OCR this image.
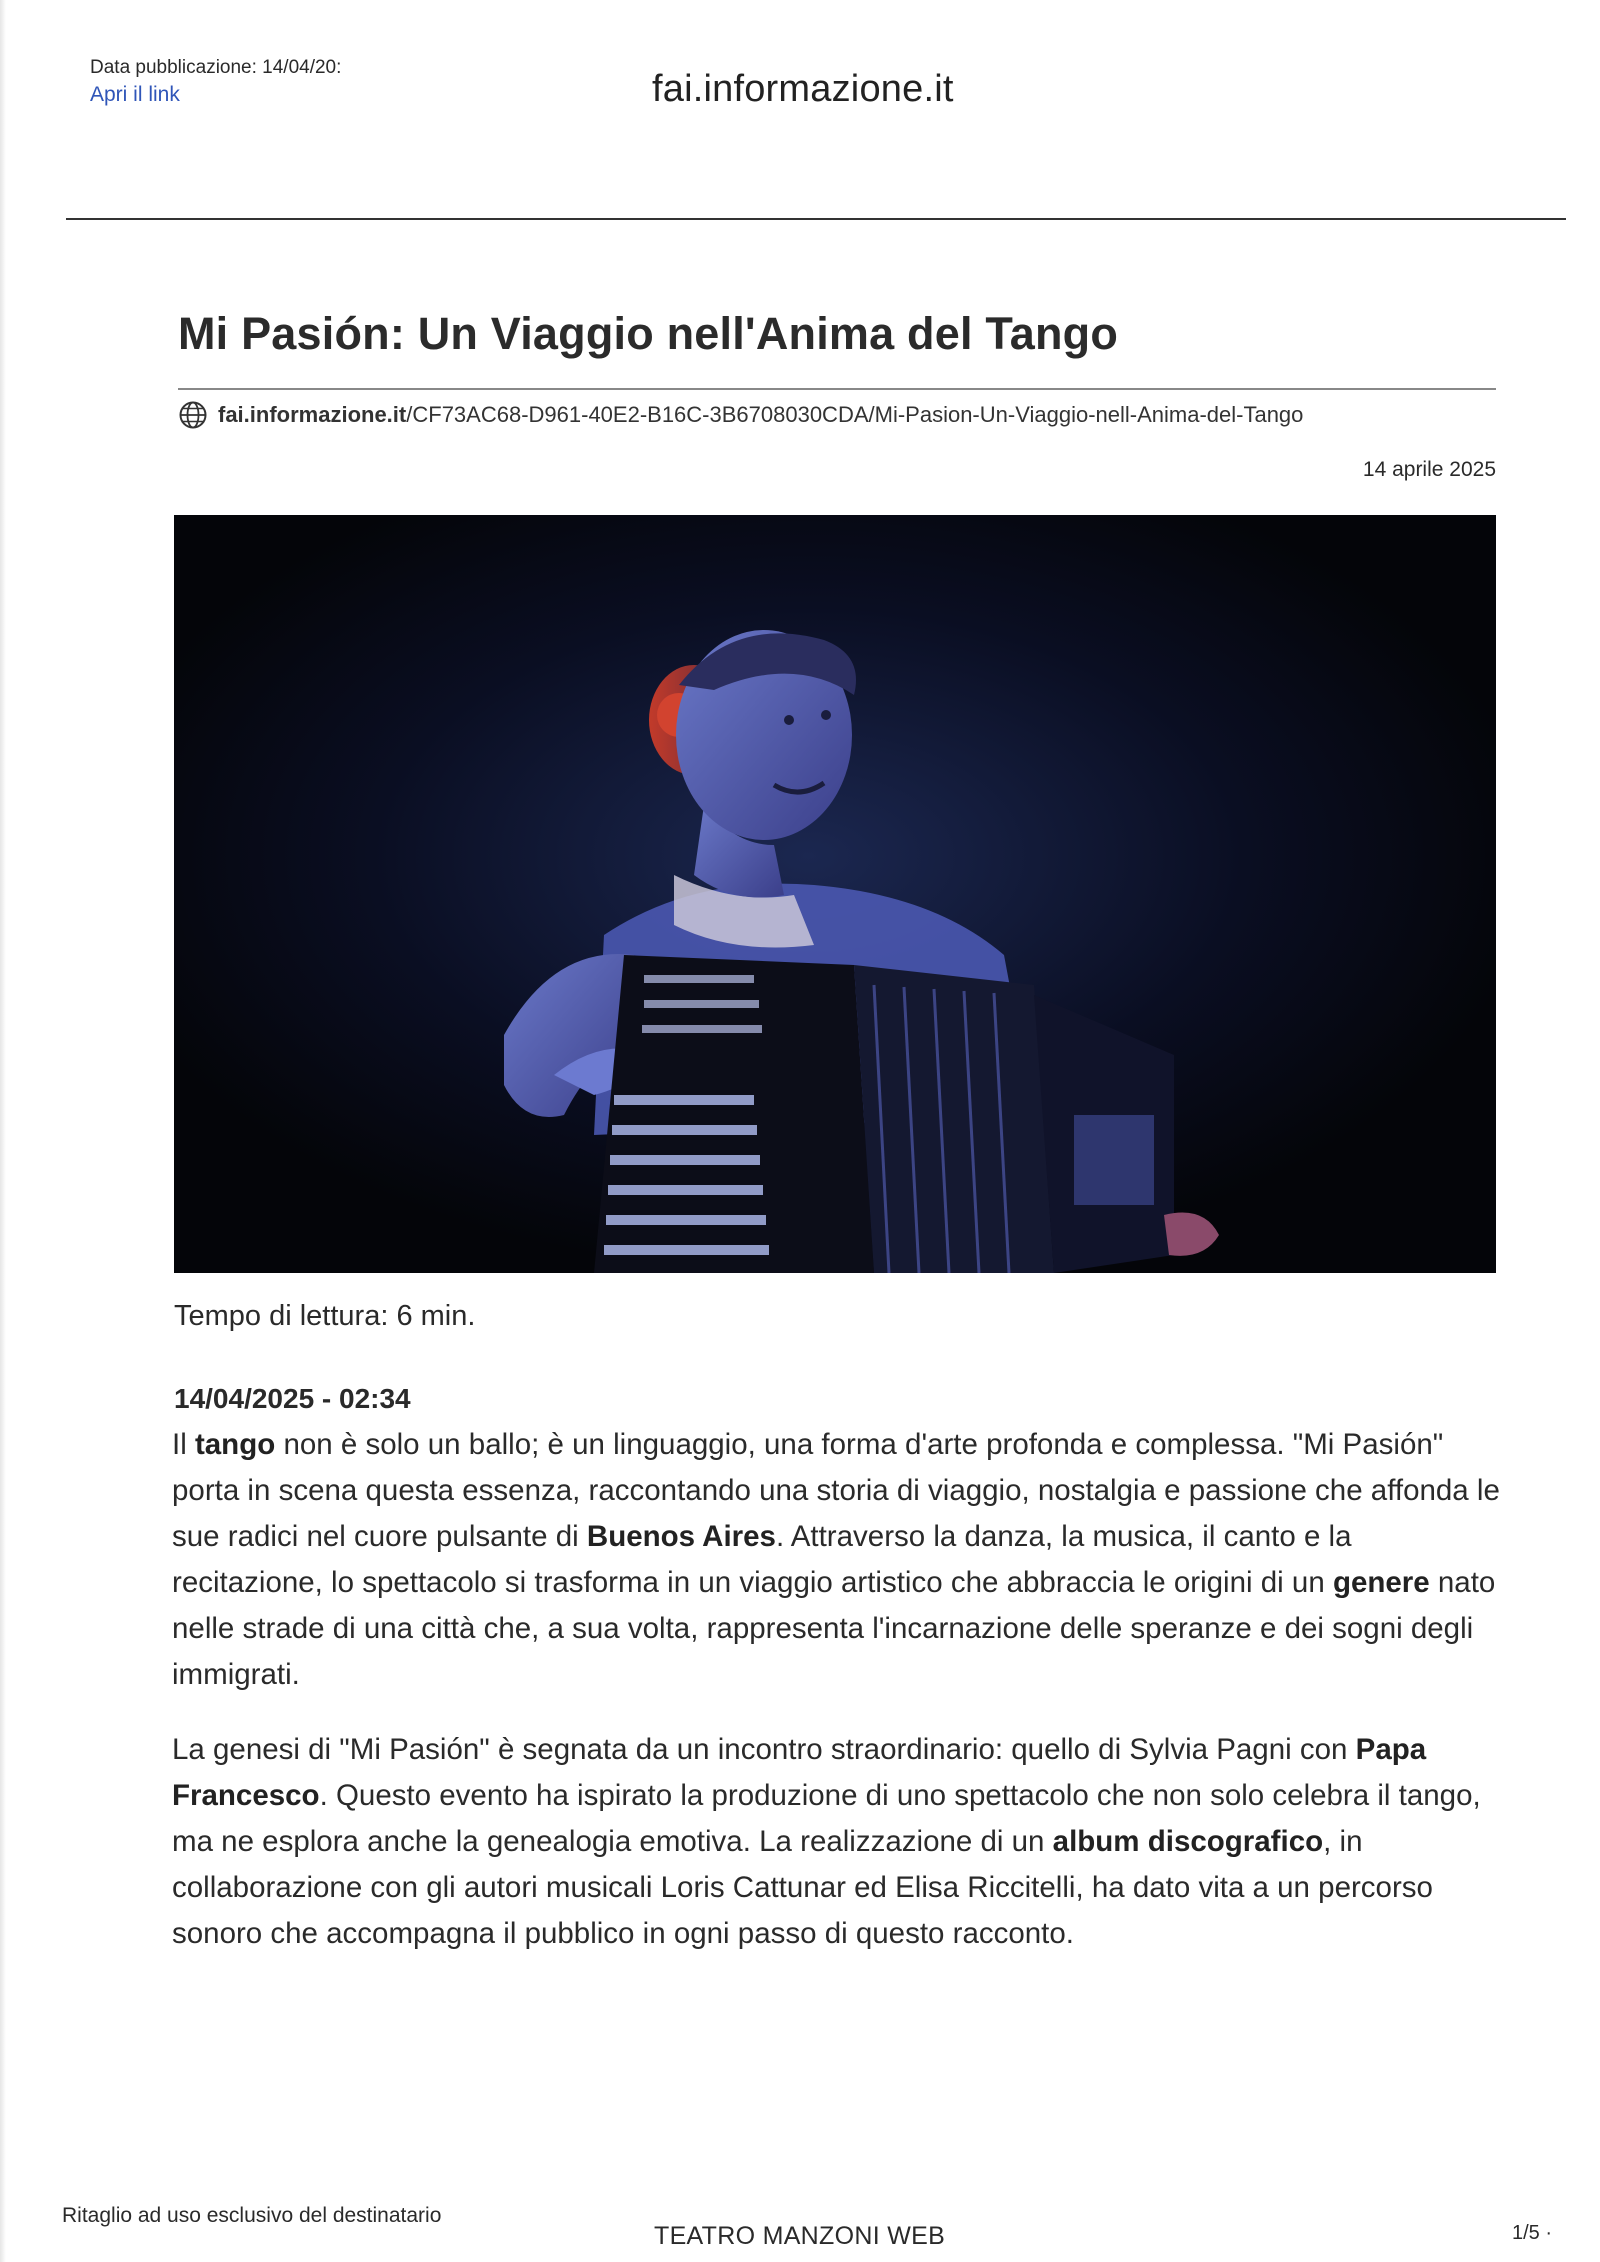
Data pubblicazione: 14/04/20:
Apri il link	fai.informazione.it
Mi Pasión: Un Viaggio nell'Anima del Tango
fai.informazione.it /CF73AC68-D961-40E2-B16C-3B6708030CDA/Mi-Pasion-Un-Viaggio-nell-Anima-del-Tango
14 aprile 2025
Tempo di lettura: 6 min.
14/04/2025 - 02:34

Il tango non è solo un ballo; è un linguaggio, una forma d'arte profonda e complessa. "Mi Pasión" porta in scena questa essenza, raccontando una storia di viaggio, nostalgia e passione che affonda le sue radici nel cuore pulsante di Buenos Aires. Attraverso la danza, la musica, il canto e la recitazione, lo spettacolo si trasforma in un viaggio artistico che abbraccia le origini di un genere nato nelle strade di una città che, a sua volta, rappresenta l'incarnazione delle speranze e dei sogni degli immigrati.

La genesi di "Mi Pasión" è segnata da un incontro straordinario: quello di Sylvia Pagni con Papa Francesco. Questo evento ha ispirato la produzione di uno spettacolo che non solo celebra il tango, ma ne esplora anche la genealogia emotiva. La realizzazione di un album discografico, in collaborazione con gli autori musicali Loris Cattunar ed Elisa Riccitelli, ha dato vita a un percorso sonoro che accompagna il pubblico in ogni passo di questo racconto.

Ritaglio ad uso esclusivo del destinatario
TEATRO MANZONI WEB	1/5 ·
